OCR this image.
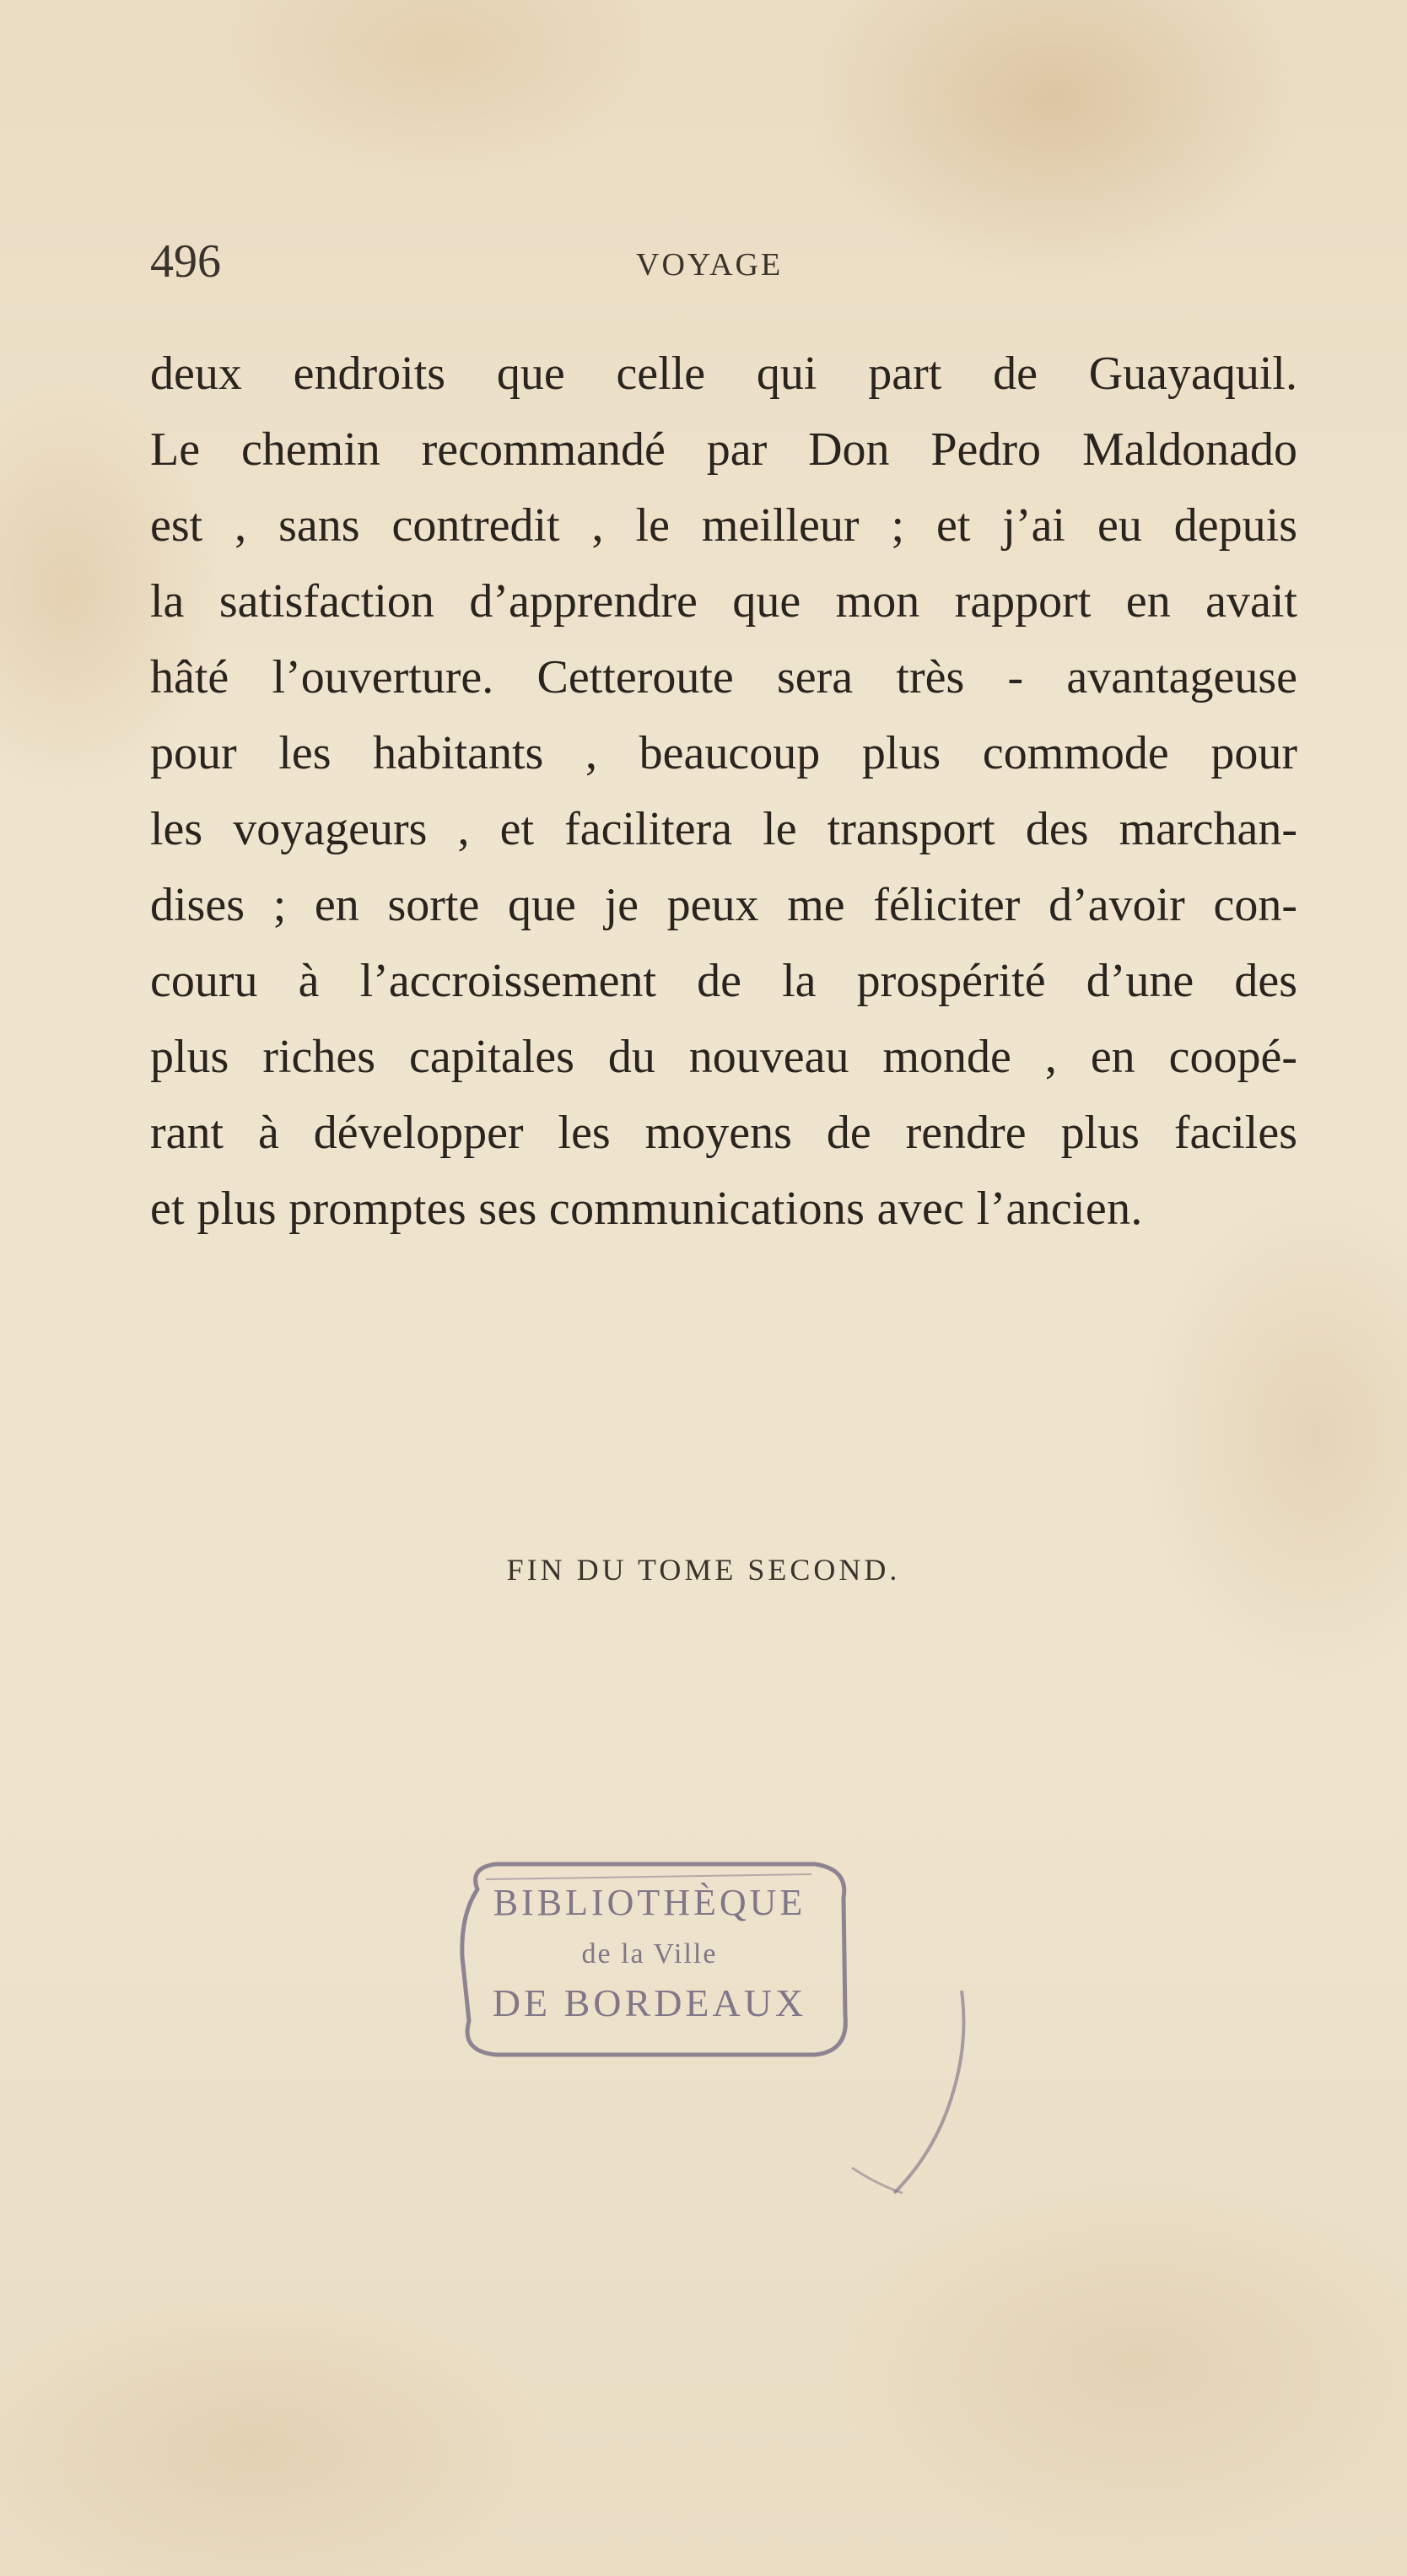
496	VOYAGE
deux endroits que celle qui part de Guayaquil.
Le chemin recommandé par Don Pedro Maldonado
est , sans contredit , le meilleur ; et j’ai eu depuis
la satisfaction d’apprendre que mon rapport en avait
hâté l’ouverture. Cetteroute sera très - avantageuse
pour les habitants , beaucoup plus commode pour
les voyageurs , et facilitera le transport des marchan-
dises ; en sorte que je peux me féliciter d’avoir con-
couru à l’accroissement de la prospérité d’une des
plus riches capitales du nouveau monde , en coopé-
rant à développer les moyens de rendre plus faciles
et plus promptes ses communications avec l’ancien.
FIN DU TOME SECOND.
BIBLIOTHÈQUE
de la Ville
DE BORDEAUX
